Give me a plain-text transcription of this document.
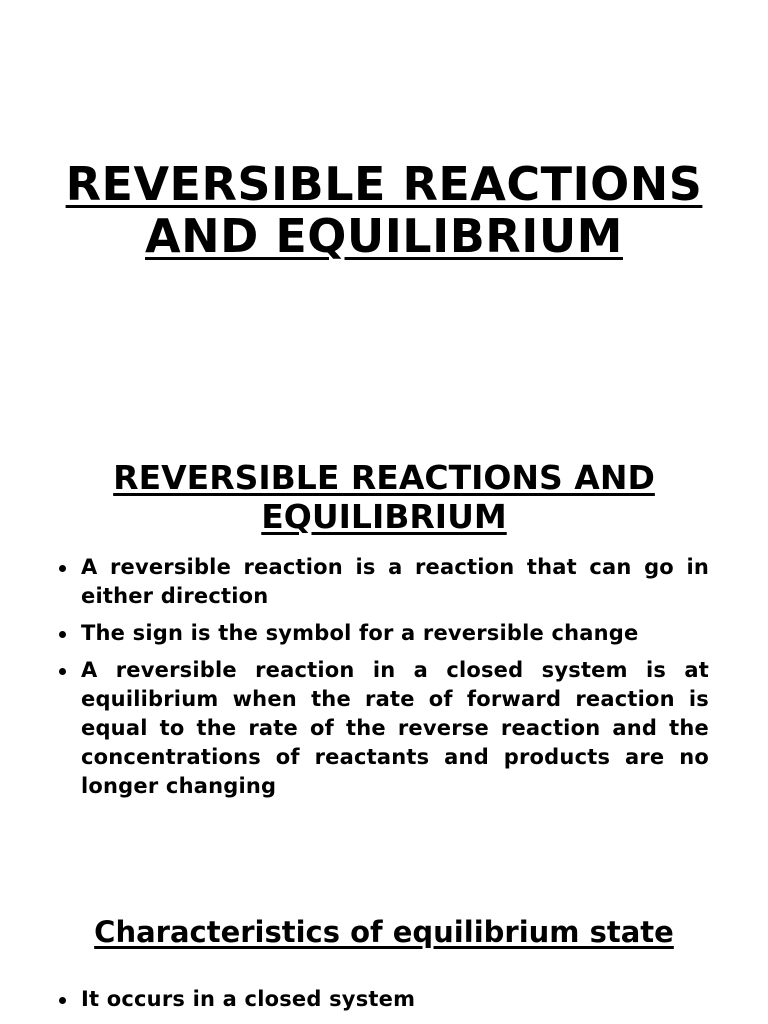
REVERSIBLE REACTIONS
AND EQUILIBRIUM
REVERSIBLE REACTIONS AND
EQUILIBRIUM
A reversible reaction is a reaction that can go in either direction
The sign is the symbol for a reversible change
A reversible reaction in a closed system is at equilibrium when the rate of forward reaction is equal to the rate of the reverse reaction and the concentrations of reactants and products are no longer changing
Characteristics of equilibrium state
It occurs in a closed system
